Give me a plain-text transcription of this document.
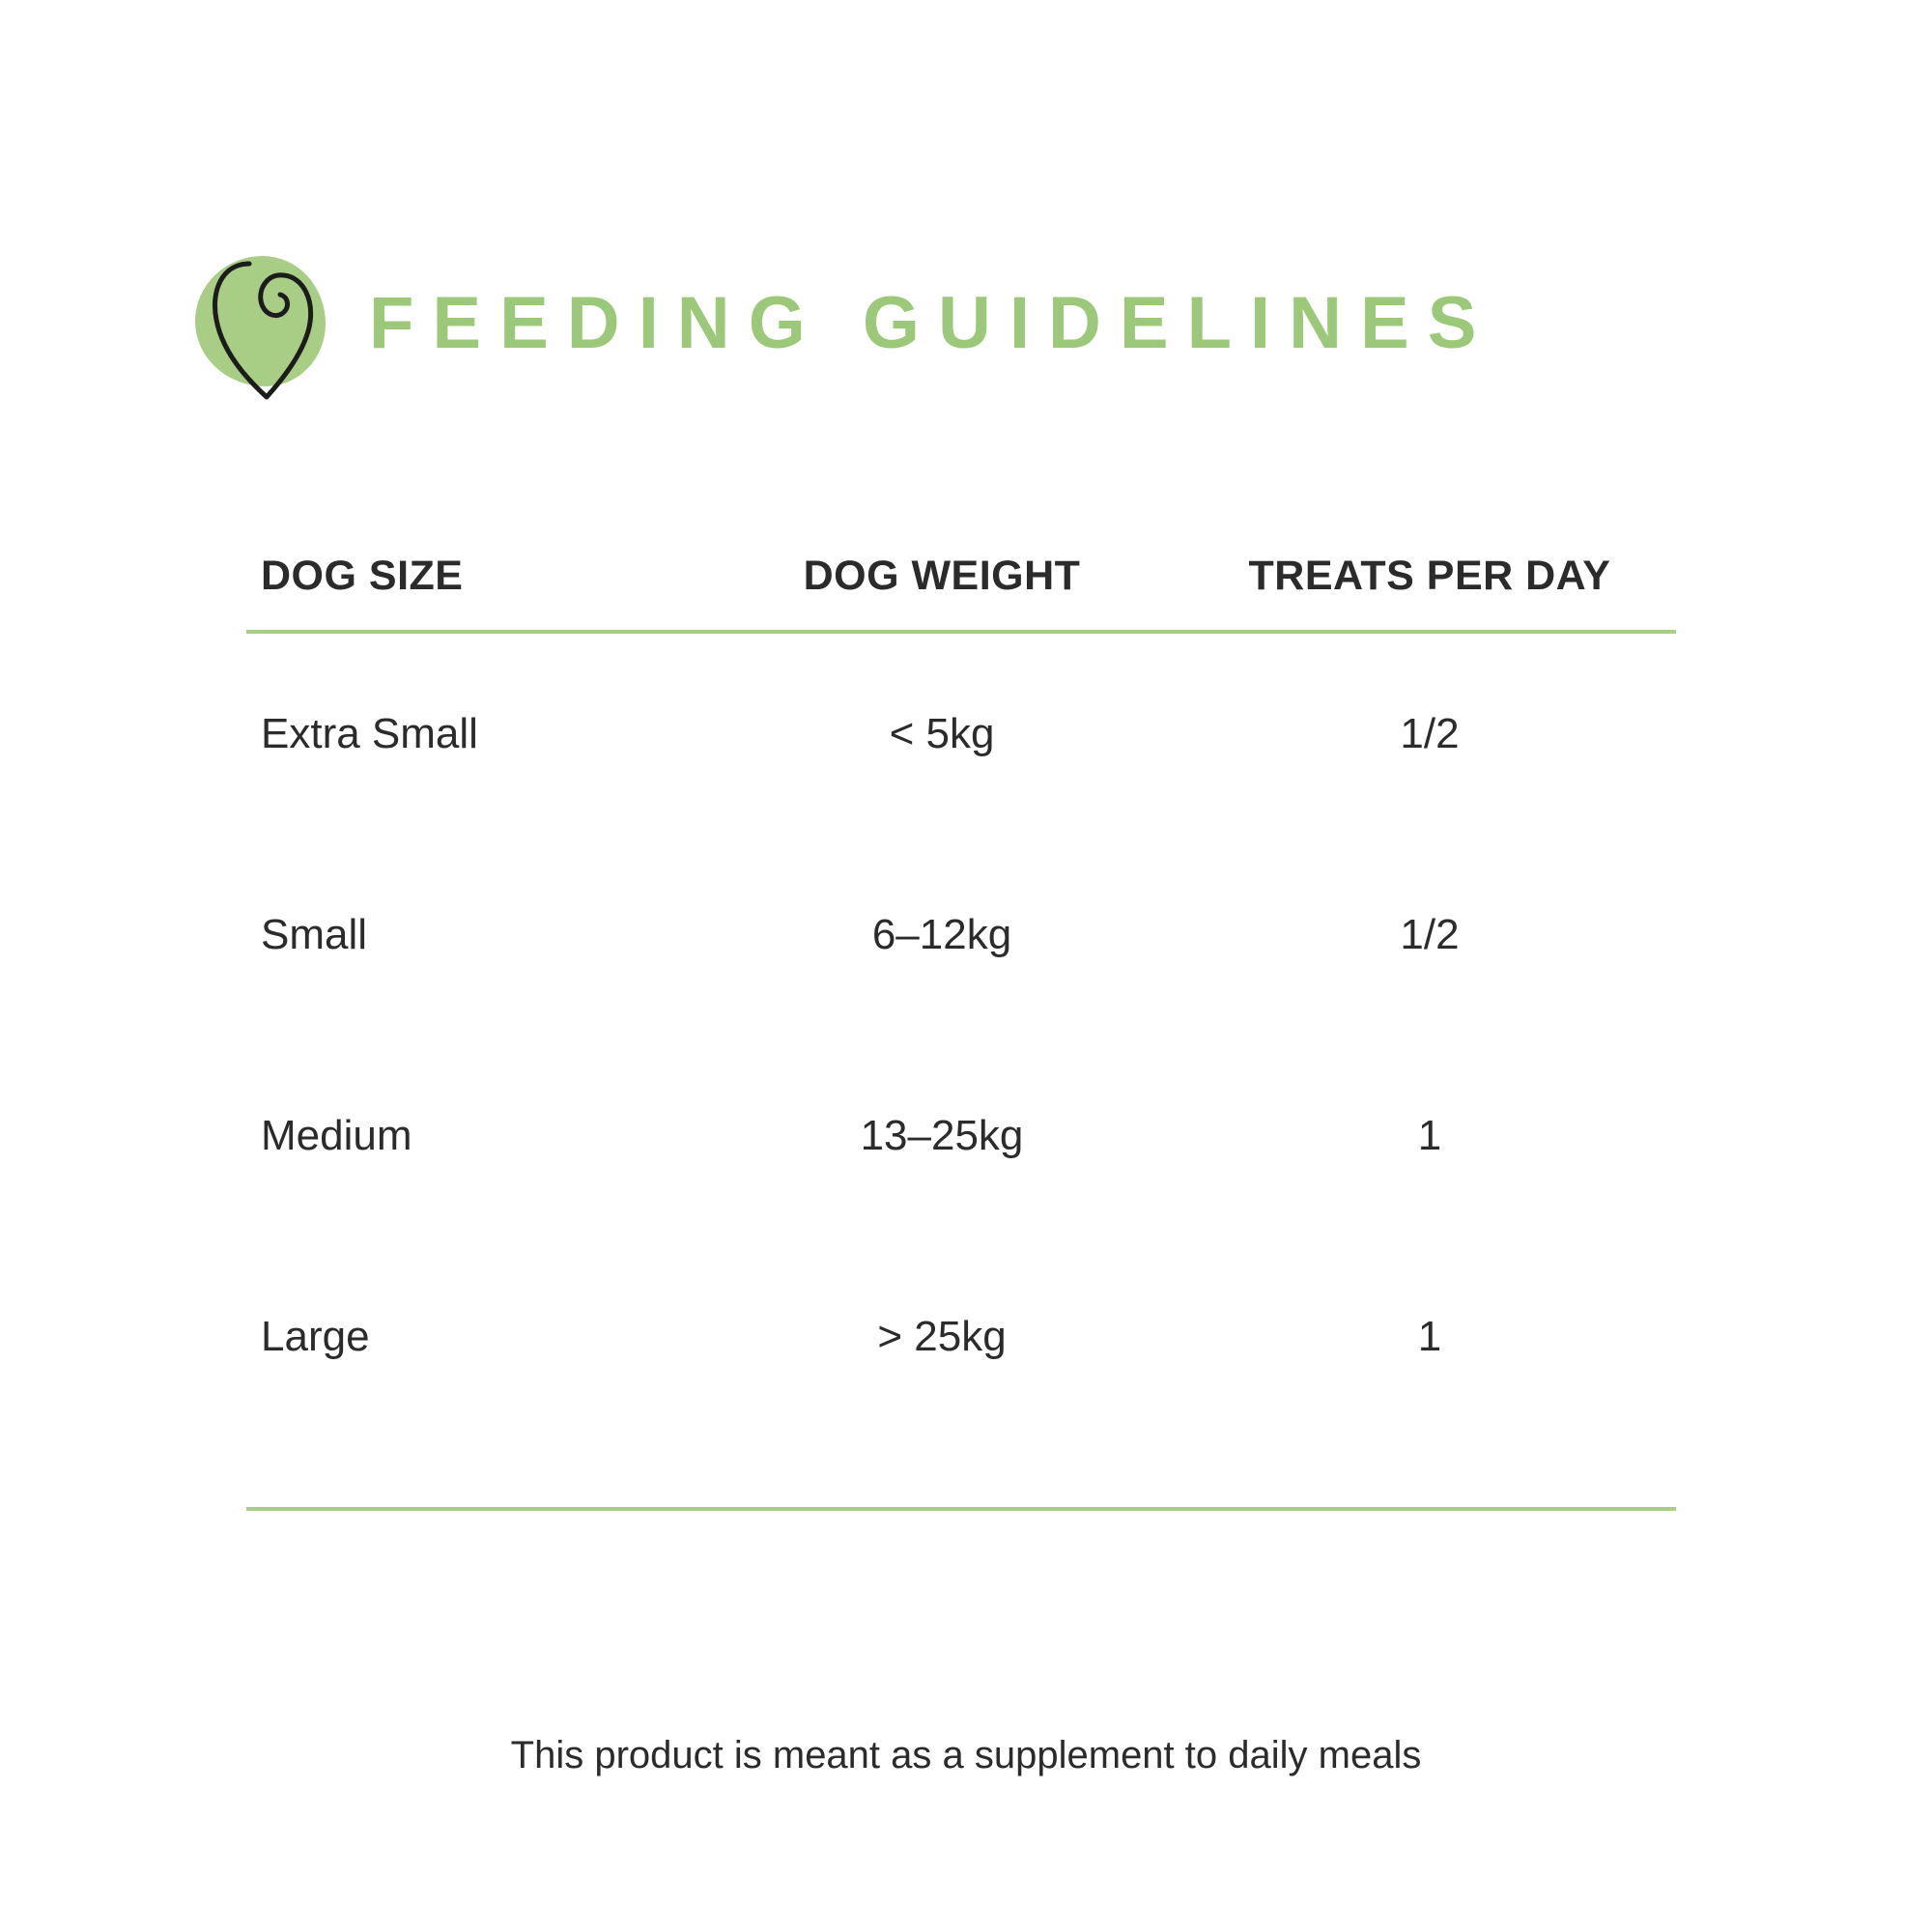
FEEDING GUIDELINES
DOG SIZE	DOG WEIGHT	TREATS PER DAY
Extra Small	< 5kg	1/2
Small	6–12kg	1/2
Medium	13–25kg	1
Large	> 25kg	1
This product is meant as a supplement to daily meals
